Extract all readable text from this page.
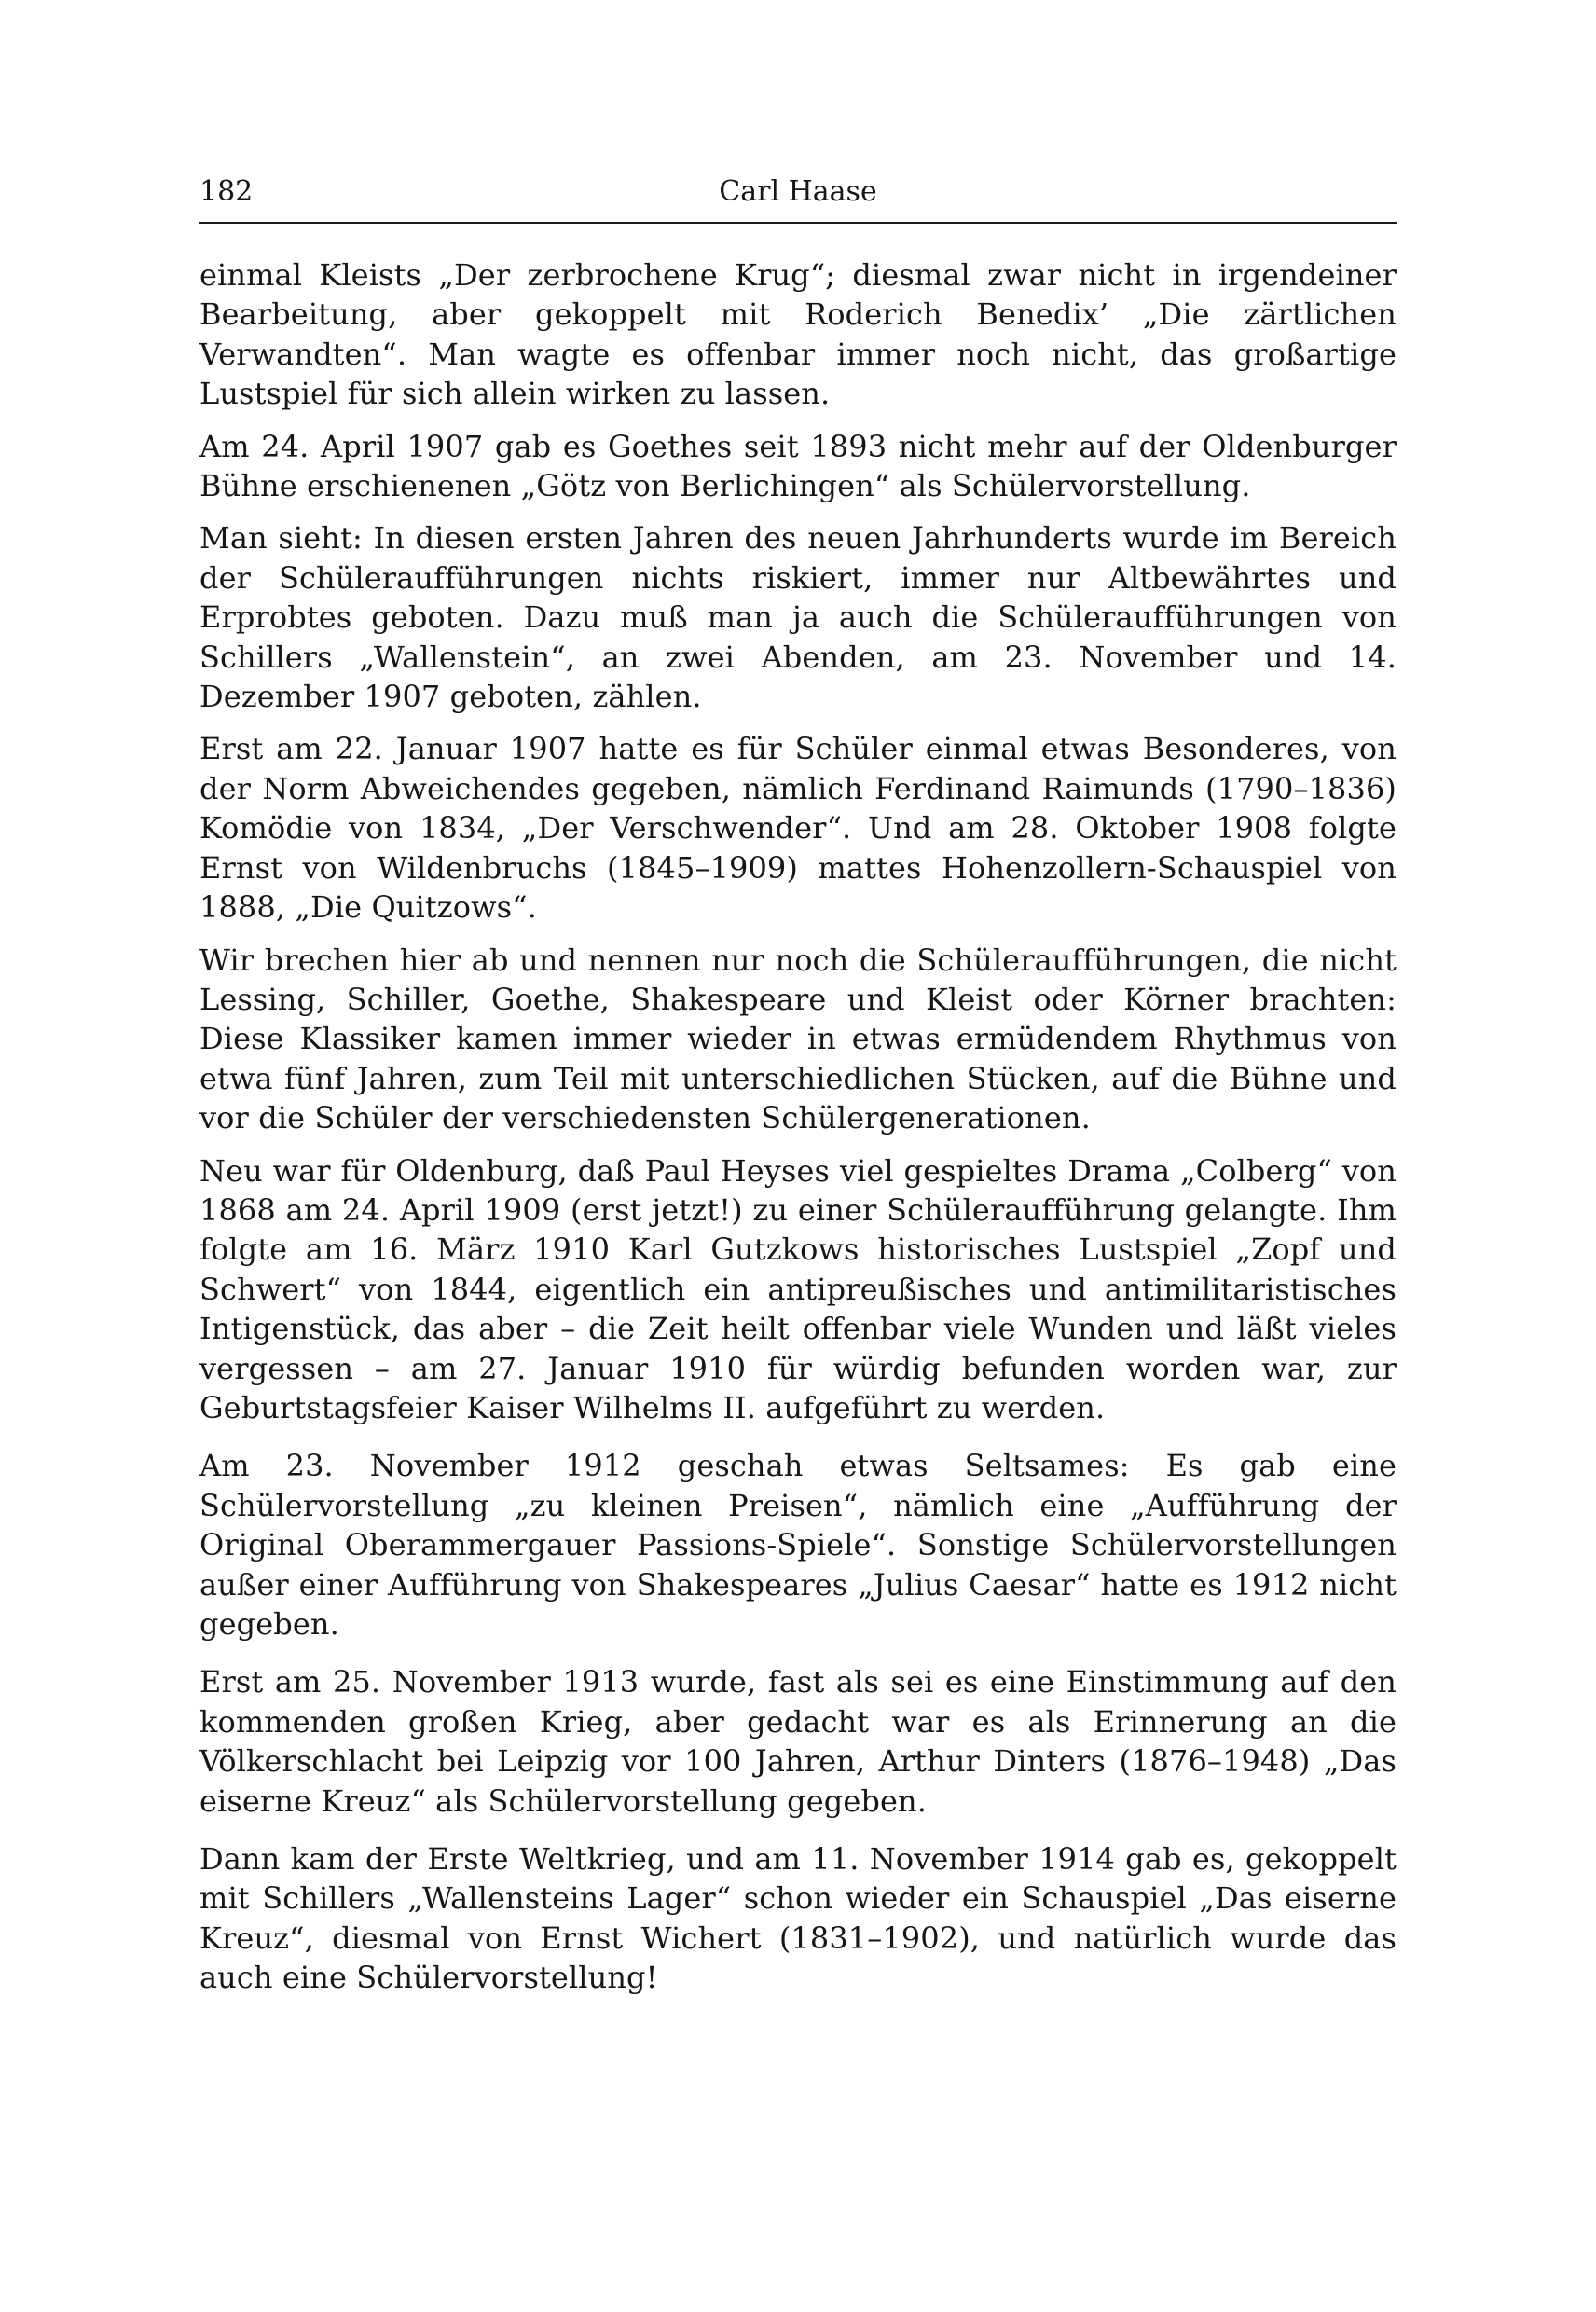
182	Carl Haase

einmal Kleists „Der zerbrochene Krug“; diesmal zwar nicht in irgendeiner Bearbeitung, aber gekoppelt mit Roderich Benedix’ „Die zärtlichen Verwandten“. Man wagte es offenbar immer noch nicht, das großartige Lustspiel für sich allein wirken zu lassen.

Am 24. April 1907 gab es Goethes seit 1893 nicht mehr auf der Oldenburger Bühne erschienenen „Götz von Berlichingen“ als Schülervorstellung.

Man sieht: In diesen ersten Jahren des neuen Jahrhunderts wurde im Bereich der Schüleraufführungen nichts riskiert, immer nur Altbewährtes und Erprobtes geboten. Dazu muß man ja auch die Schüleraufführungen von Schillers „Wallenstein“, an zwei Abenden, am 23. November und 14. Dezember 1907 geboten, zählen.

Erst am 22. Januar 1907 hatte es für Schüler einmal etwas Besonderes, von der Norm Abweichendes gegeben, nämlich Ferdinand Raimunds (1790–1836) Komödie von 1834, „Der Verschwender“. Und am 28. Oktober 1908 folgte Ernst von Wildenbruchs (1845–1909) mattes Hohenzollern-Schauspiel von 1888, „Die Quitzows“.

Wir brechen hier ab und nennen nur noch die Schüleraufführungen, die nicht Lessing, Schiller, Goethe, Shakespeare und Kleist oder Körner brachten: Diese Klassiker kamen immer wieder in etwas ermüdendem Rhythmus von etwa fünf Jahren, zum Teil mit unterschiedlichen Stücken, auf die Bühne und vor die Schüler der verschiedensten Schülergenerationen.

Neu war für Oldenburg, daß Paul Heyses viel gespieltes Drama „Colberg“ von 1868 am 24. April 1909 (erst jetzt!) zu einer Schüleraufführung gelangte. Ihm folgte am 16. März 1910 Karl Gutzkows historisches Lustspiel „Zopf und Schwert“ von 1844, eigentlich ein antipreußisches und antimilitaristisches Intigenstück, das aber – die Zeit heilt offenbar viele Wunden und läßt vieles vergessen – am 27. Januar 1910 für würdig befunden worden war, zur Geburtstagsfeier Kaiser Wilhelms II. aufgeführt zu werden.

Am 23. November 1912 geschah etwas Seltsames: Es gab eine Schülervorstellung „zu kleinen Preisen“, nämlich eine „Aufführung der Original Oberammergauer Passions-Spiele“. Sonstige Schülervorstellungen außer einer Aufführung von Shakespeares „Julius Caesar“ hatte es 1912 nicht gegeben.

Erst am 25. November 1913 wurde, fast als sei es eine Einstimmung auf den kommenden großen Krieg, aber gedacht war es als Erinnerung an die Völkerschlacht bei Leipzig vor 100 Jahren, Arthur Dinters (1876–1948) „Das eiserne Kreuz“ als Schülervorstellung gegeben.

Dann kam der Erste Weltkrieg, und am 11. November 1914 gab es, gekoppelt mit Schillers „Wallensteins Lager“ schon wieder ein Schauspiel „Das eiserne Kreuz“, diesmal von Ernst Wichert (1831–1902), und natürlich wurde das auch eine Schülervorstellung!
